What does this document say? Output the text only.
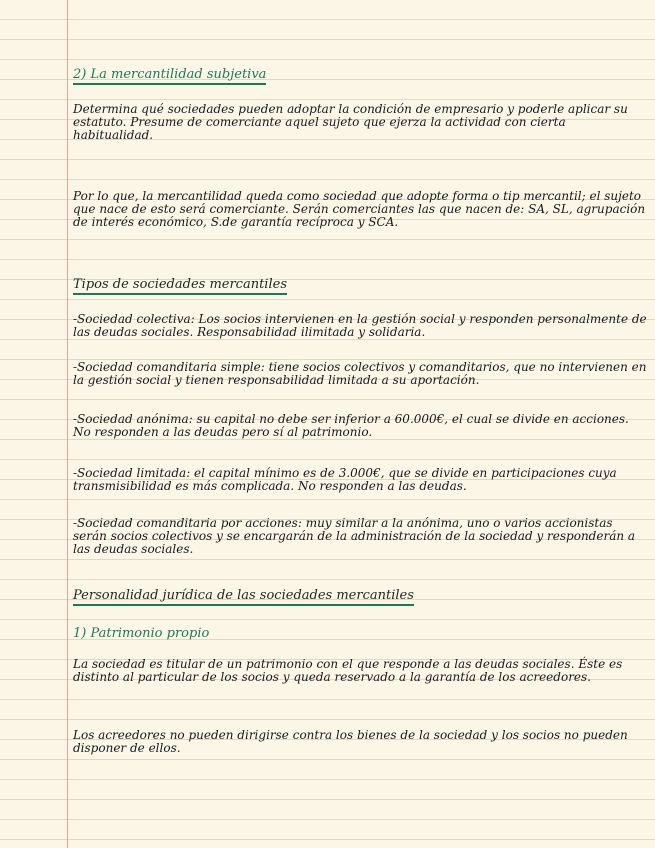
2) La mercantilidad subjetiva

Determina qué sociedades pueden adoptar la condición de empresario y poderle aplicar su estatuto. Presume de comerciante aquel sujeto que ejerza la actividad con cierta habitualidad.

Por lo que, la mercantilidad queda como sociedad que adopte forma o tip mercantil; el sujeto que nace de esto será comerciante. Serán comerciantes las que nacen de: SA, SL, agrupación de interés económico, S.de garantía recíproca y SCA.

Tipos de sociedades mercantiles

-Sociedad colectiva: Los socios intervienen en la gestión social y responden personalmente de las deudas sociales. Responsabilidad ilimitada y solidaria.

-Sociedad comanditaria simple: tiene socios colectivos y comanditarios, que no intervienen en la gestión social y tienen responsabilidad limitada a su aportación.

-Sociedad anónima: su capital no debe ser inferior a 60.000€, el cual se divide en acciones. No responden a las deudas pero sí al patrimonio.

-Sociedad limitada: el capital mínimo es de 3.000€, que se divide en participaciones cuya transmisibilidad es más complicada. No responden a las deudas.

-Sociedad comanditaria por acciones: muy similar a la anónima, uno o varios accionistas serán socios colectivos y se encargarán de la administración de la sociedad y responderán a las deudas sociales.

Personalidad jurídica de las sociedades mercantiles
1) Patrimonio propio

La sociedad es titular de un patrimonio con el que responde a las deudas sociales. Éste es distinto al particular de los socios y queda reservado a la garantía de los acreedores.

Los acreedores no pueden dirigirse contra los bienes de la sociedad y los socios no pueden disponer de ellos.
